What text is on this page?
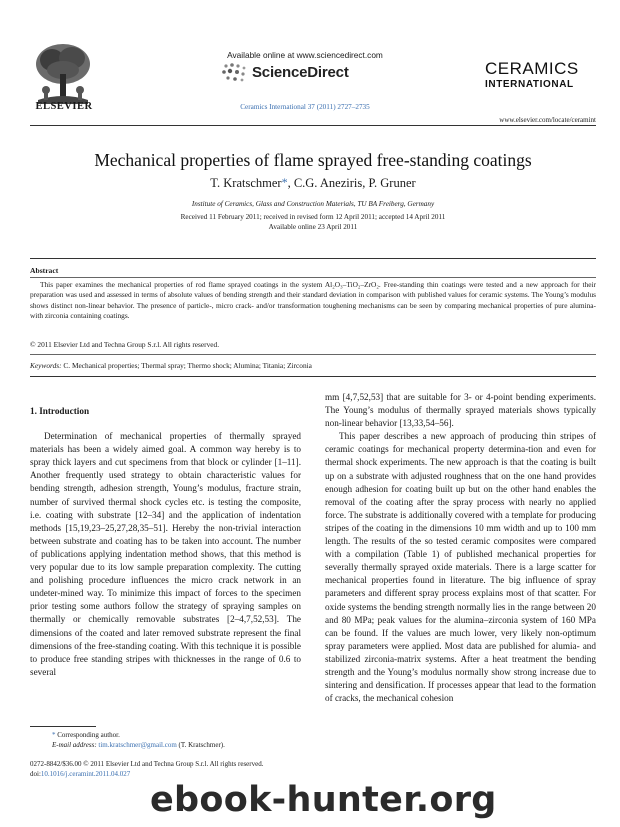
ELSEVIER
Available online at www.sciencedirect.com
ScienceDirect
Ceramics International 37 (2011) 2727–2735
CERAMICS
INTERNATIONAL
www.elsevier.com/locate/ceramint
Mechanical properties of flame sprayed free-standing coatings
T. Kratschmer*, C.G. Aneziris, P. Gruner
Institute of Ceramics, Glass and Construction Materials, TU BA Freiberg, Germany
Received 11 February 2011; received in revised form 12 April 2011; accepted 14 April 2011
Available online 23 April 2011
Abstract

This paper examines the mechanical properties of rod flame sprayed coatings in the system Al₂O₃–TiO₂–ZrO₂. Free-standing thin coatings were tested and a new approach for their preparation was used and assessed in terms of absolute values of bending strength and their standard deviation in comparison with published values for ceramic systems. The Young’s modulus shows distinct non-linear behavior. The presence of particle-, micro crack- and/or transformation toughening mechanisms can be seen by comparing mechanical properties of pure alumina- with zirconia containing coatings.

© 2011 Elsevier Ltd and Techna Group S.r.l. All rights reserved.
Keywords: C. Mechanical properties; Thermal spray; Thermo shock; Alumina; Titania; Zirconia
1. Introduction

Determination of mechanical properties of thermally sprayed materials has been a widely aimed goal. A common way hereby is to spray thick layers and cut specimens from that block or cylinder [1–11]. Another frequently used strategy to obtain characteristic values for bending strength, adhesion strength, Young’s modulus, fracture strain, number of survived thermal shock cycles etc. is testing the composite, i.e. coating with substrate [12–34] and the application of indentation methods [15,19,23–25,27,28,35–51]. Hereby the non-trivial interaction between substrate and coating has to be taken into account. The number of publications applying indentation method shows, that this method is very popular due to its low sample preparation complexity. The cutting and polishing procedure influences the micro crack network in an undeter-mined way. To minimize this impact of forces to the specimen prior testing some authors follow the strategy of spraying samples on thermally or chemically removable substrates [2–4,7,52,53]. The dimensions of the coated and later removed substrate represent the final dimensions of the free-standing coating. With this technique it is possible to produce free standing stripes with thicknesses in the range of 0.6 to several

mm [4,7,52,53] that are suitable for 3- or 4-point bending experiments. The Young’s modulus of thermally sprayed materials shows typically non-linear behavior [13,33,54–56].

This paper describes a new approach of producing thin stripes of ceramic coatings for mechanical property determina-tion and even for thermal shock experiments. The new approach is that the coating is built up on a substrate with adjusted roughness that on the one hand provides enough adhesion for coating built up but on the other hand enables the removal of the coating after the spray process with nearly no applied force. The substrate is additionally covered with a template for producing stripes of the coating in the dimensions 10 mm width and up to 100 mm length. The results of the so tested ceramic composites were compared with a compilation (Table 1) of published mechanical properties for severally thermally sprayed oxide materials. There is a large scatter for mechanical properties found in literature. The big influence of spray parameters and different spray process explains most of that scatter. For oxide systems the bending strength normally lies in the range between 20 and 80 MPa; peak values for the alumina–zirconia system of 160 MPa can be found. If the values are much lower, very likely non-optimum spray parameters were applied. Most data are published for alumia- and stabilized zirconia-matrix systems. After a heat treatment the bending strength and the Young’s modulus normally show strong increase due to sintering and densification. If processes appear that lead to the formation of cracks, the mechanical cohesion

* Corresponding author.
E-mail address: tim.kratschmer@gmail.com (T. Kratschmer).
0272-8842/$36.00 © 2011 Elsevier Ltd and Techna Group S.r.l. All rights reserved.
doi:10.1016/j.ceramint.2011.04.027
ebook-hunter.org
